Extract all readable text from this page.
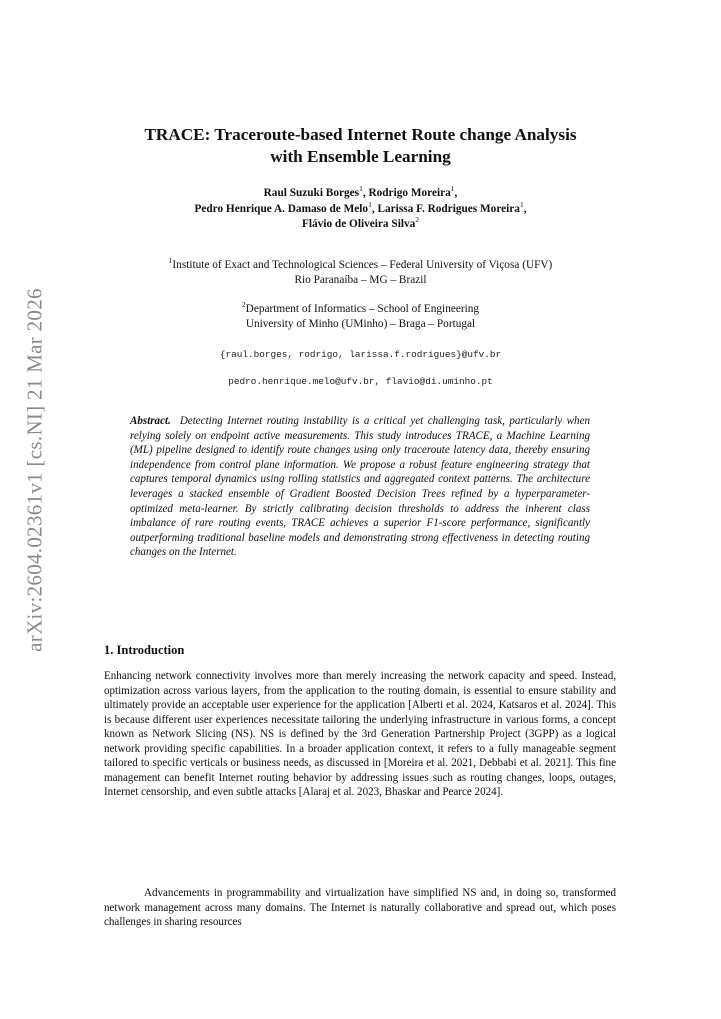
arXiv:2604.02361v1 [cs.NI] 21 Mar 2026
TRACE: Traceroute-based Internet Route change Analysis
with Ensemble Learning
Raul Suzuki Borges$^1$, Rodrigo Moreira$^1$,
Pedro Henrique A. Damaso de Melo$^1$, Larissa F. Rodrigues Moreira$^1$,
Flávio de Oliveira Silva$^2$
$^1$Institute of Exact and Technological Sciences – Federal University of Viçosa (UFV)
Rio Paranaíba – MG – Brazil
$^2$Department of Informatics – School of Engineering
University of Minho (UMinho) – Braga – Portugal
{raul.borges, rodrigo, larissa.f.rodrigues}@ufv.br
pedro.henrique.melo@ufv.br, flavio@di.uminho.pt
Abstract. Detecting Internet routing instability is a critical yet challenging task, particularly when relying solely on endpoint active measurements. This study introduces TRACE, a Machine Learning (ML) pipeline designed to identify route changes using only traceroute latency data, thereby ensuring independence from control plane information. We propose a robust feature engineering strategy that captures temporal dynamics using rolling statistics and aggregated context patterns. The architecture leverages a stacked ensemble of Gradient Boosted Decision Trees refined by a hyperparameter-optimized meta-learner. By strictly calibrating decision thresholds to address the inherent class imbalance of rare routing events, TRACE achieves a superior F1-score performance, significantly outperforming traditional baseline models and demonstrating strong effectiveness in detecting routing changes on the Internet.
1. Introduction
Enhancing network connectivity involves more than merely increasing the network capacity and speed. Instead, optimization across various layers, from the application to the routing domain, is essential to ensure stability and ultimately provide an acceptable user experience for the application [Alberti et al. 2024, Katsaros et al. 2024]. This is because different user experiences necessitate tailoring the underlying infrastructure in various forms, a concept known as Network Slicing (NS). NS is defined by the 3rd Generation Partnership Project (3GPP) as a logical network providing specific capabilities. In a broader application context, it refers to a fully manageable segment tailored to specific verticals or business needs, as discussed in [Moreira et al. 2021, Debbabi et al. 2021]. This fine management can benefit Internet routing behavior by addressing issues such as routing changes, loops, outages, Internet censorship, and even subtle attacks [Alaraj et al. 2023, Bhaskar and Pearce 2024].
Advancements in programmability and virtualization have simplified NS and, in doing so, transformed network management across many domains. The Internet is naturally collaborative and spread out, which poses challenges in sharing resources
